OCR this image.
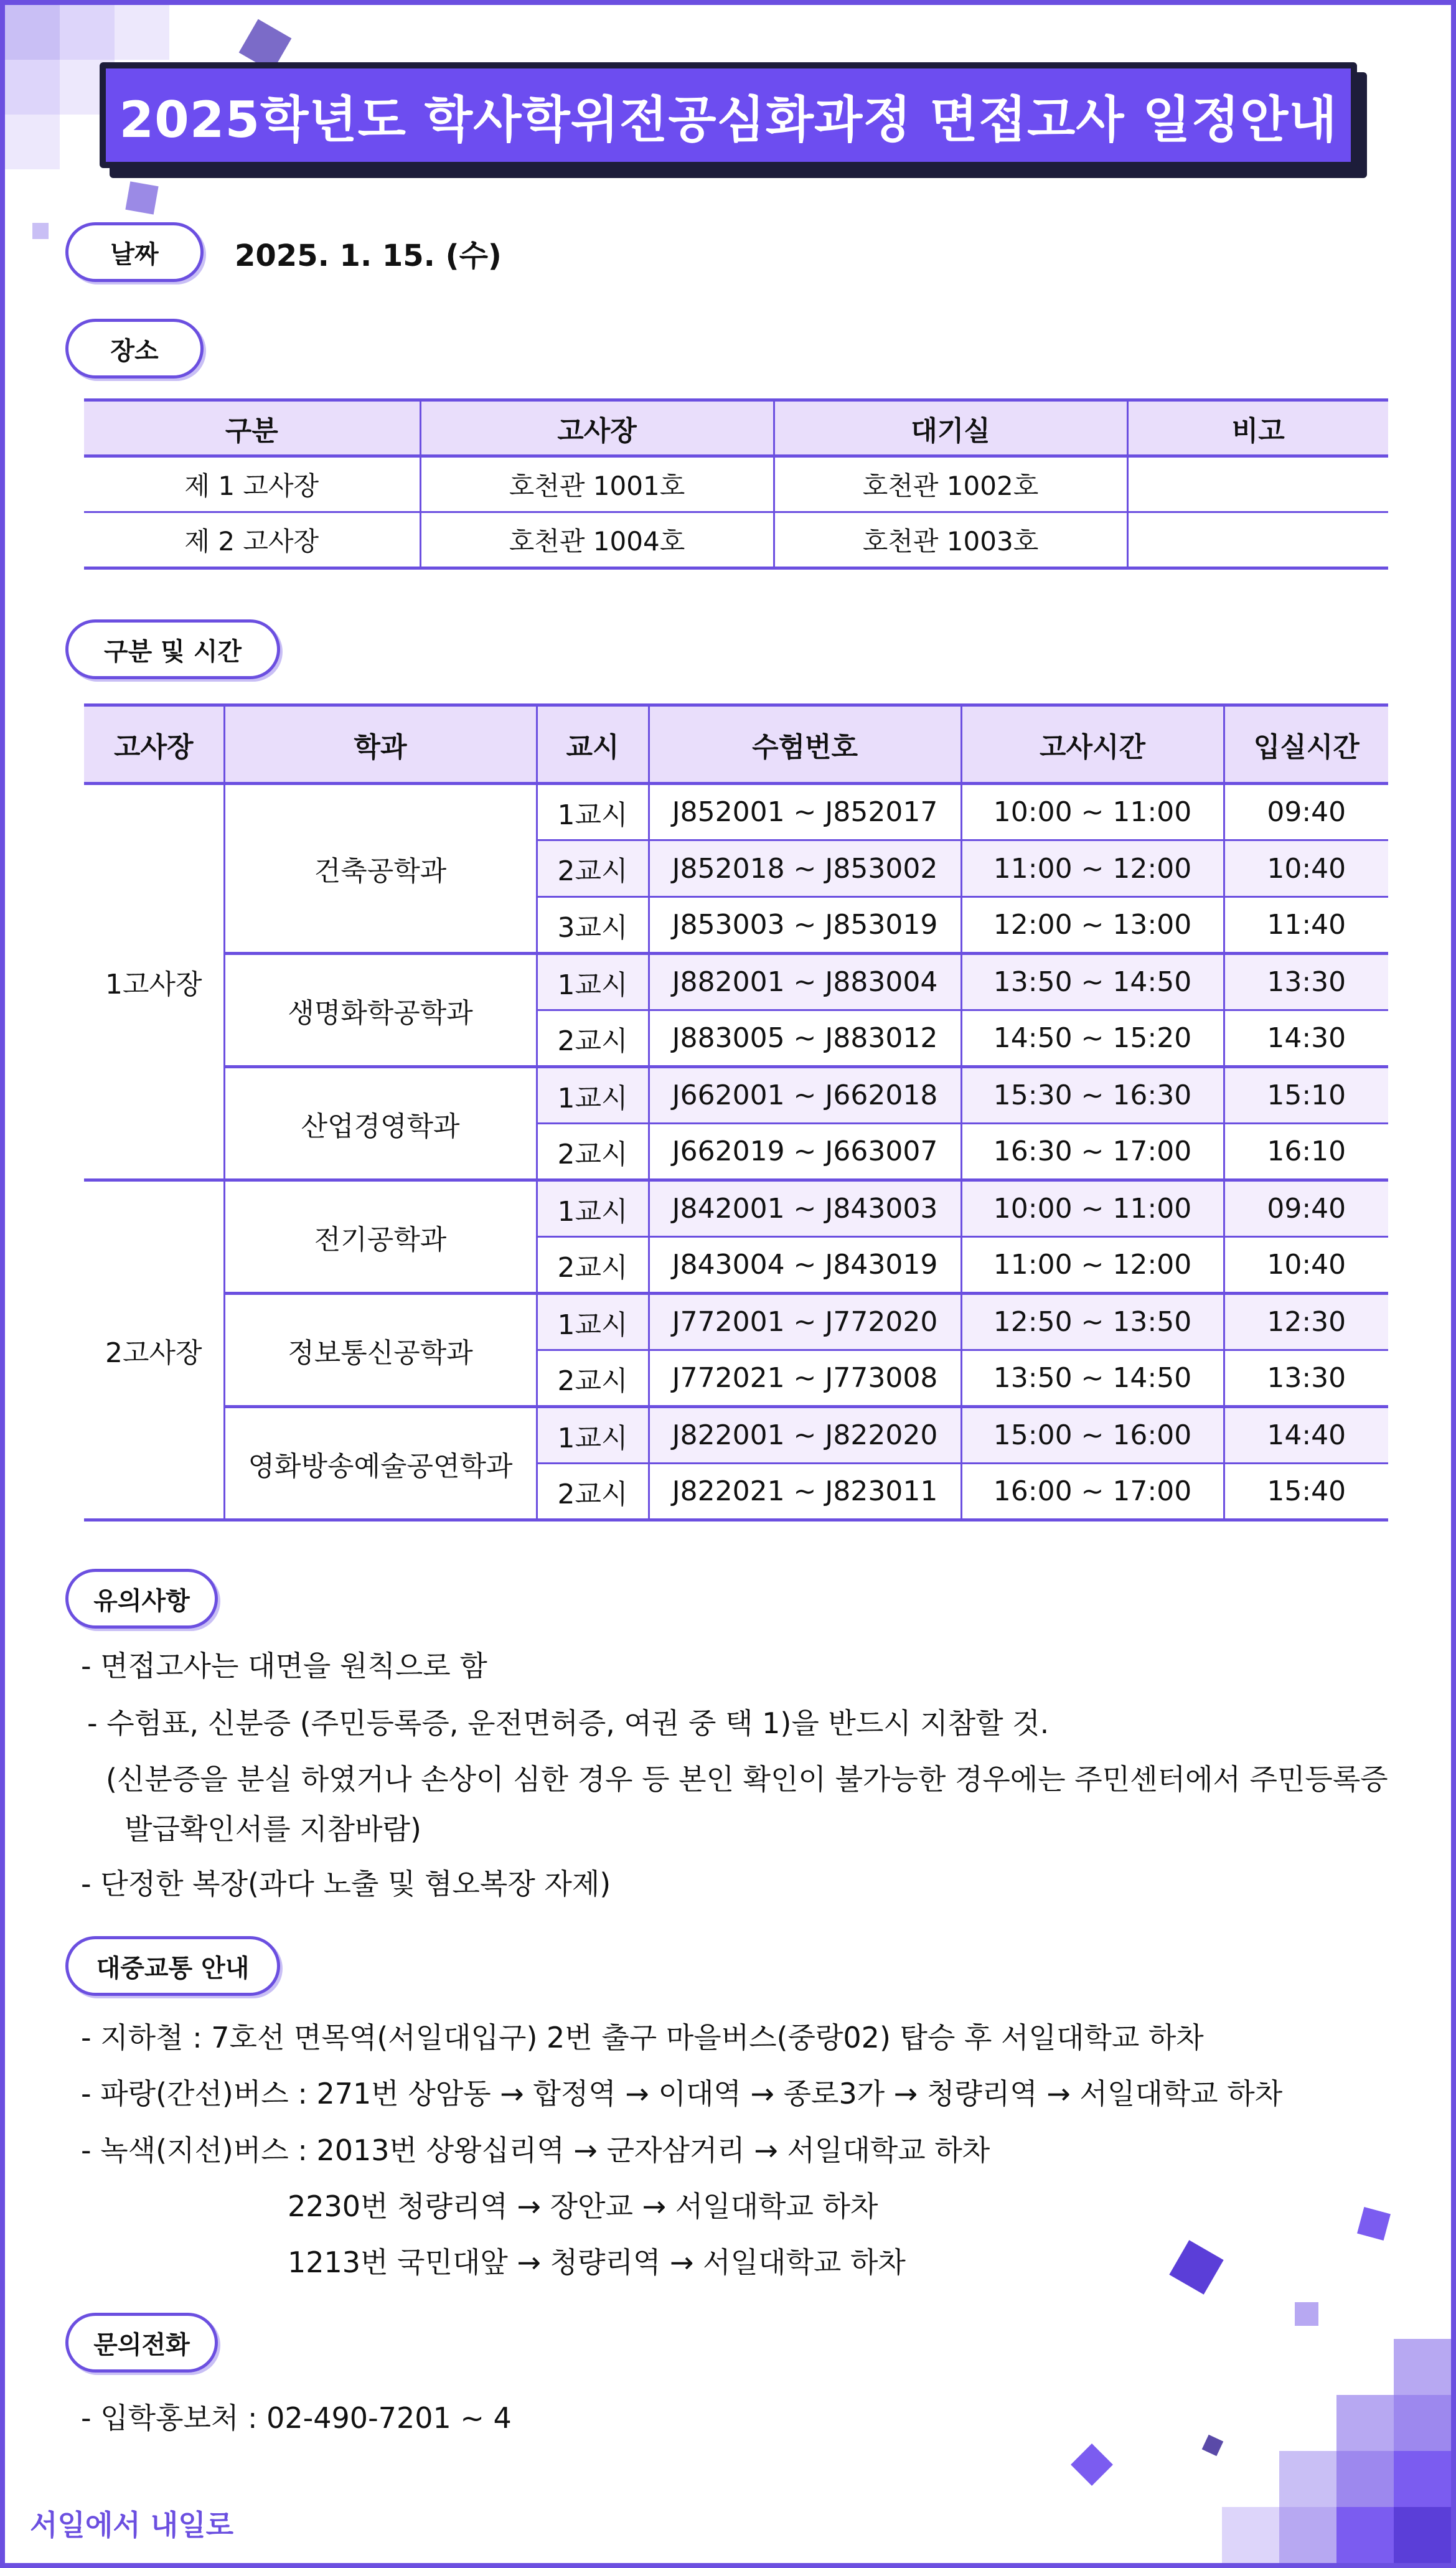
2025학년도 학사학위전공심화과정 면접고사 일정안내
날짜	2025. 1. 15. (수)
장소
구분	고사장	대기실	비고
제 1 고사장	호천관 1001호	호천관 1002호	
제 2 고사장	호천관 1004호	호천관 1003호	
구분 및 시간
고사장	학과	교시	수험번호	고사시간	입실시간
1고사장	건축공학과	1교시	J852001 ~ J852017	10:00 ~ 11:00	09:40
		2교시	J852018 ~ J853002	11:00 ~ 12:00	10:40
		3교시	J853003 ~ J853019	12:00 ~ 13:00	11:40
	생명화학공학과	1교시	J882001 ~ J883004	13:50 ~ 14:50	13:30
		2교시	J883005 ~ J883012	14:50 ~ 15:20	14:30
	산업경영학과	1교시	J662001 ~ J662018	15:30 ~ 16:30	15:10
		2교시	J662019 ~ J663007	16:30 ~ 17:00	16:10
2고사장	전기공학과	1교시	J842001 ~ J843003	10:00 ~ 11:00	09:40
		2교시	J843004 ~ J843019	11:00 ~ 12:00	10:40
	정보통신공학과	1교시	J772001 ~ J772020	12:50 ~ 13:50	12:30
		2교시	J772021 ~ J773008	13:50 ~ 14:50	13:30
	영화방송예술공연학과	1교시	J822001 ~ J822020	15:00 ~ 16:00	14:40
		2교시	J822021 ~ J823011	16:00 ~ 17:00	15:40
유의사항
- 면접고사는 대면을 원칙으로 함
- 수험표, 신분증 (주민등록증, 운전면허증, 여권 중 택 1)을 반드시 지참할 것.
(신분증을 분실 하였거나 손상이 심한 경우 등 본인 확인이 불가능한 경우에는 주민센터에서 주민등록증
발급확인서를 지참바람)
- 단정한 복장(과다 노출 및 혐오복장 자제)
대중교통 안내
- 지하철 : 7호선 면목역(서일대입구) 2번 출구 마을버스(중랑02) 탑승 후 서일대학교 하차
- 파랑(간선)버스 : 271번 상암동 → 합정역 → 이대역 → 종로3가 → 청량리역 → 서일대학교 하차
- 녹색(지선)버스 : 2013번 상왕십리역 → 군자삼거리 → 서일대학교 하차
2230번 청량리역 → 장안교 → 서일대학교 하차
1213번 국민대앞 → 청량리역 → 서일대학교 하차
문의전화
- 입학홍보처 : 02-490-7201 ~ 4
서일에서 내일로
